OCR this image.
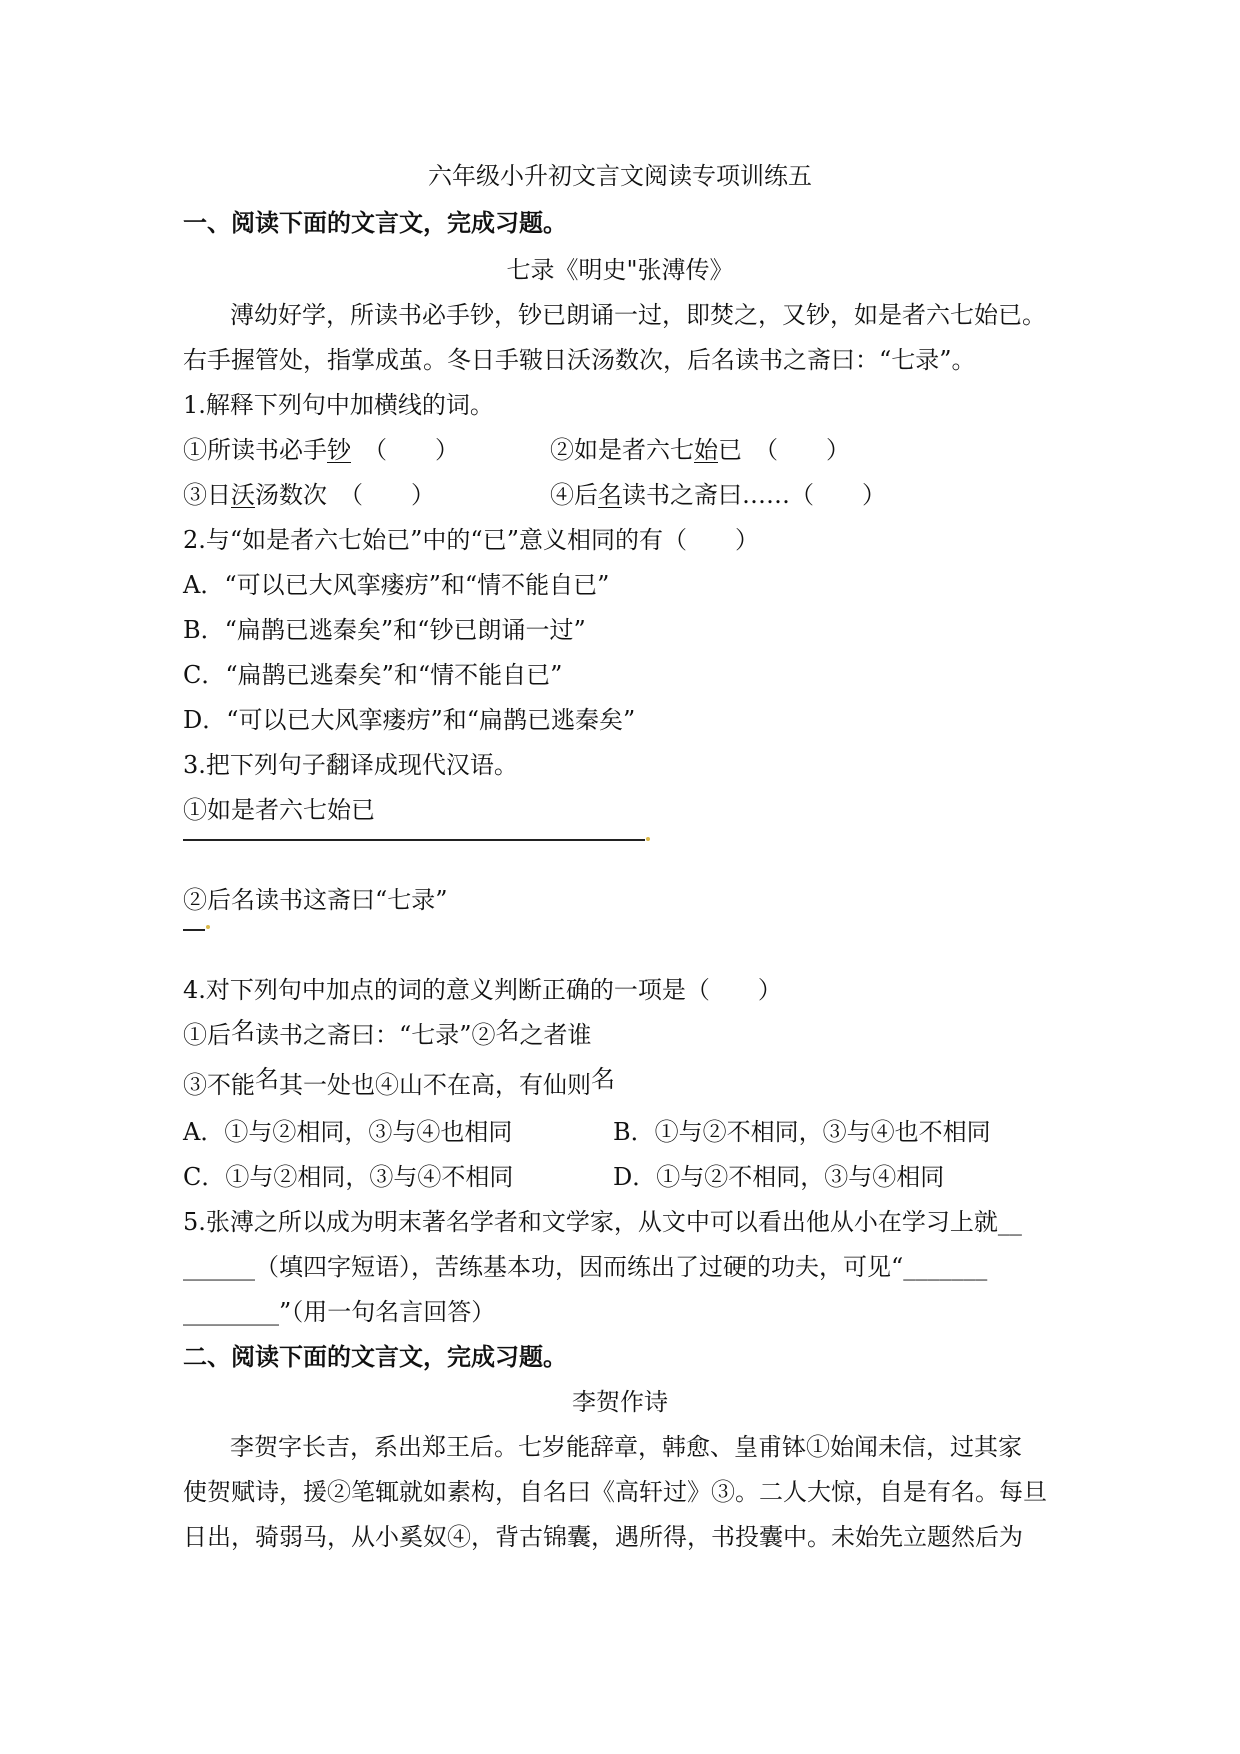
六年级小升初文言文阅读专项训练五
一、阅读下面的文言文，完成习题。
七录《明史"张溥传》
溥幼好学，所读书必手钞，钞已朗诵一过，即焚之，又钞，如是者六七始已。
右手握管处，指掌成茧。冬日手皲日沃汤数次，后名读书之斋曰：“七录”。
1.解释下列句中加横线的词。
①所读书必手钞　 （　　）	②如是者六七始已　（　　）
③日沃汤数次　（　　）	④后名读书之斋曰……（　　）
2.与“如是者六七始已”中的“已”意义相同的有（　　）
A．“可以已大风挛瘘疠”和“情不能自已”
B．“扁鹊已逃秦矣”和“钞已朗诵一过”
C．“扁鹊已逃秦矣”和“情不能自已”
D．“可以已大风挛瘘疠”和“扁鹊已逃秦矣”
3.把下列句子翻译成现代汉语。
①如是者六七始已
②后名读书这斋曰“七录”
4.对下列句中加点的词的意义判断正确的一项是（　　）
①后名读书之斋曰：“七录”②名之者谁
③不能名其一处也④山不在高，有仙则名
A．①与②相同，③与④也相同	B．①与②不相同，③与④也不相同
C．①与②相同，③与④不相同	D．①与②不相同，③与④相同
5.张溥之所以成为明末著名学者和文学家，从文中可以看出他从小在学习上就__
______（填四字短语），苦练基本功，因而练出了过硬的功夫，可见“_______
________”（用一句名言回答）
二、阅读下面的文言文，完成习题。
李贺作诗
李贺字长吉，系出郑王后。七岁能辞章，韩愈、皇甫钵①始闻未信，过其家
使贺赋诗，援②笔辄就如素构，自名曰《高轩过》③。二人大惊，自是有名。每旦
日出，骑弱马，从小奚奴④，背古锦囊，遇所得，书投囊中。未始先立题然后为
